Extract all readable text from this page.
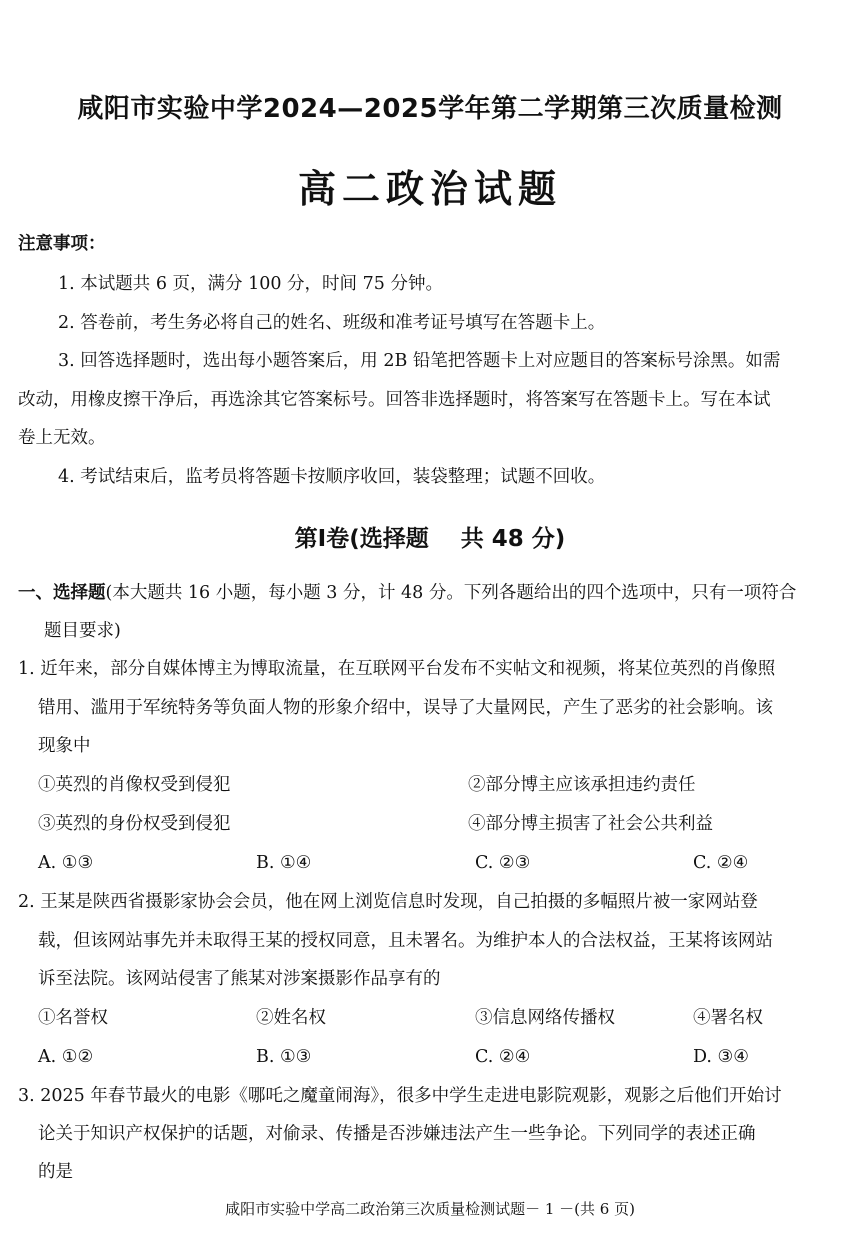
咸阳市实验中学2024—2025学年第二学期第三次质量检测
高二政治试题
注意事项：
1. 本试题共 6 页，满分 100 分，时间 75 分钟。
2. 答卷前，考生务必将自己的姓名、班级和准考证号填写在答题卡上。
3. 回答选择题时，选出每小题答案后，用 2B 铅笔把答题卡上对应题目的答案标号涂黑。如需
改动，用橡皮擦干净后，再选涂其它答案标号。回答非选择题时，将答案写在答题卡上。写在本试
卷上无效。
4. 考试结束后，监考员将答题卡按顺序收回，装袋整理；试题不回收。
第Ⅰ卷(选择题    共 48 分)
一、选择题(本大题共 16 小题，每小题 3 分，计 48 分。下列各题给出的四个选项中，只有一项符合
题目要求)
1. 近年来，部分自媒体博主为博取流量，在互联网平台发布不实帖文和视频，将某位英烈的肖像照
错用、滥用于军统特务等负面人物的形象介绍中，误导了大量网民，产生了恶劣的社会影响。该
现象中
①英烈的肖像权受到侵犯	②部分博主应该承担违约责任
③英烈的身份权受到侵犯	④部分博主损害了社会公共利益
A. ①③	B. ①④	C. ②③	C. ②④
2. 王某是陕西省摄影家协会会员，他在网上浏览信息时发现，自己拍摄的多幅照片被一家网站登
载，但该网站事先并未取得王某的授权同意，且未署名。为维护本人的合法权益，王某将该网站
诉至法院。该网站侵害了熊某对涉案摄影作品享有的
①名誉权	②姓名权	③信息网络传播权	④署名权
A. ①②	B. ①③	C. ②④	D. ③④
3. 2025 年春节最火的电影《哪吒之魔童闹海》，很多中学生走进电影院观影，观影之后他们开始讨
论关于知识产权保护的话题，对偷录、传播是否涉嫌违法产生一些争论。下列同学的表述正确
的是
咸阳市实验中学高二政治第三次质量检测试题－ 1 －(共 6 页)
